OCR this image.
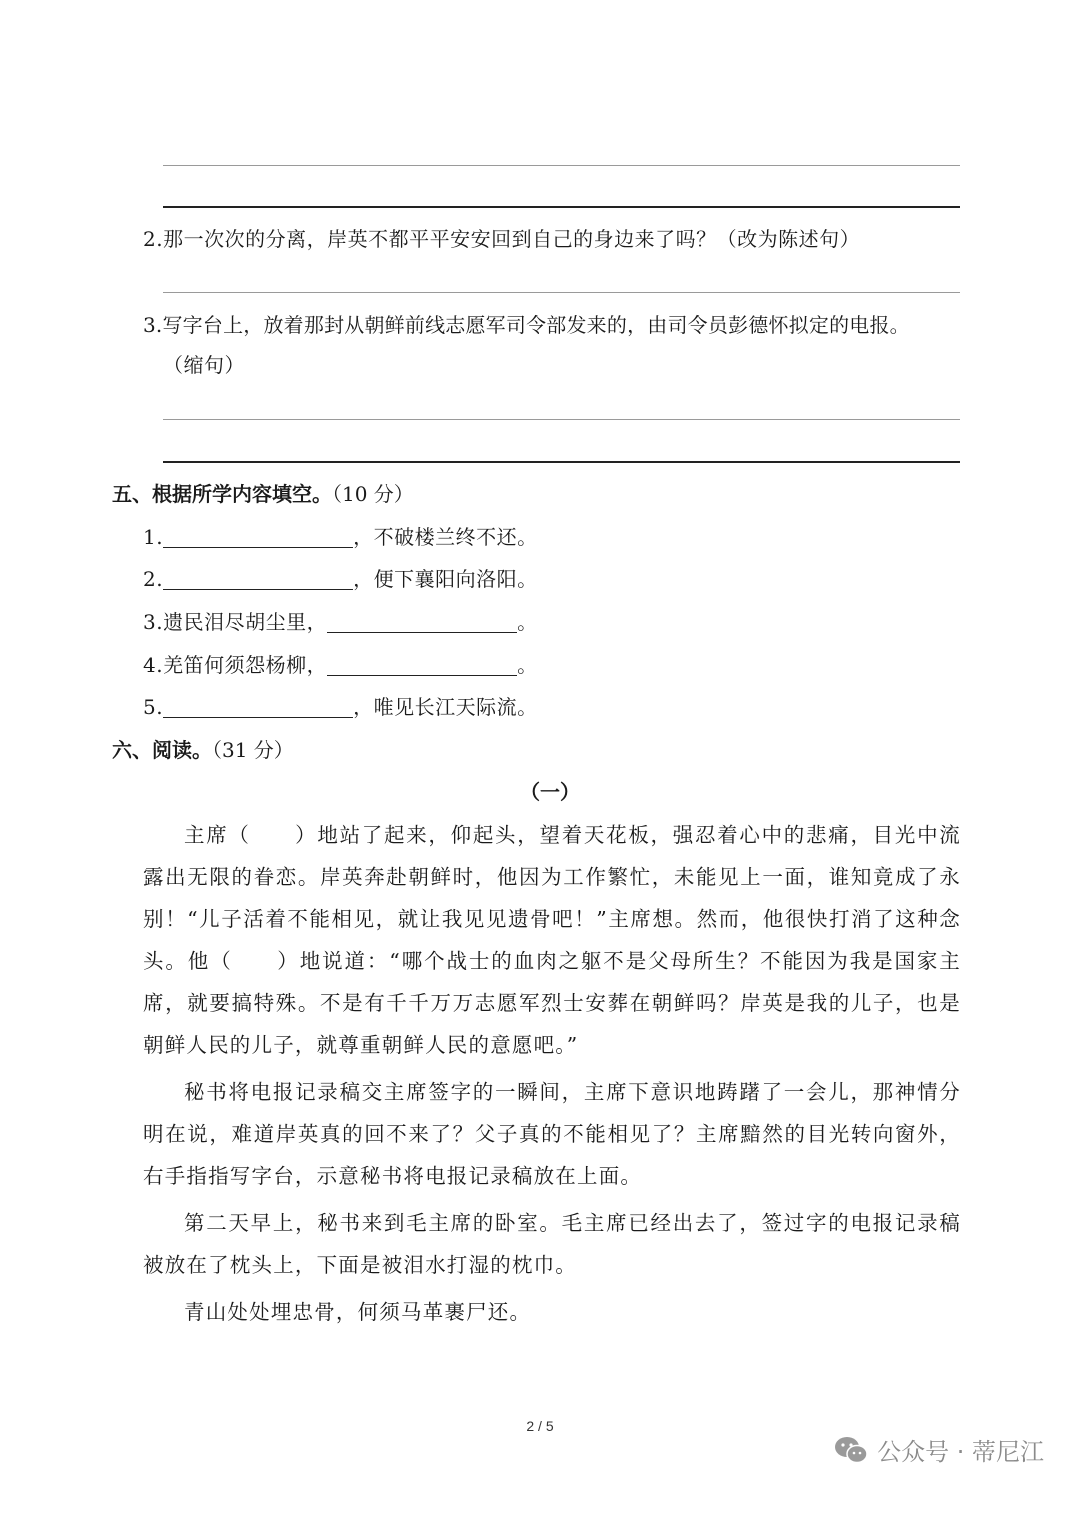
2.那一次次的分离，岸英不都平平安安回到自己的身边来了吗？（改为陈述句）
3.写字台上，放着那封从朝鲜前线志愿军司令部发来的，由司令员彭德怀拟定的电报。
（缩句）
五、根据所学内容填空。（10 分）
1.	，不破楼兰终不还。
2.	，便下襄阳向洛阳。
3.遗民泪尽胡尘里，	。
4.羌笛何须怨杨柳，	。
5.	，唯见长江天际流。
六、阅读。（31 分）
（一）

主席（ ）地站了起来，仰起头，望着天花板，强忍着心中的悲痛，目光中流露出无限的眷恋。岸英奔赴朝鲜时，他因为工作繁忙，未能见上一面，谁知竟成了永别！“儿子活着不能相见，就让我见见遗骨吧！”主席想。然而，他很快打消了这种念头。他（ ）地说道：“哪个战士的血肉之躯不是父母所生？不能因为我是国家主席，就要搞特殊。不是有千千万万志愿军烈士安葬在朝鲜吗？岸英是我的儿子，也是朝鲜人民的儿子，就尊重朝鲜人民的意愿吧。”

秘书将电报记录稿交主席签字的一瞬间，主席下意识地踌躇了一会儿，那神情分明在说，难道岸英真的回不来了？父子真的不能相见了？主席黯然的目光转向窗外，右手指指写字台，示意秘书将电报记录稿放在上面。

第二天早上，秘书来到毛主席的卧室。毛主席已经出去了，签过字的电报记录稿被放在了枕头上，下面是被泪水打湿的枕巾。

青山处处埋忠骨，何须马革裹尸还。

2 / 5
公众号 · 蒂尼江
